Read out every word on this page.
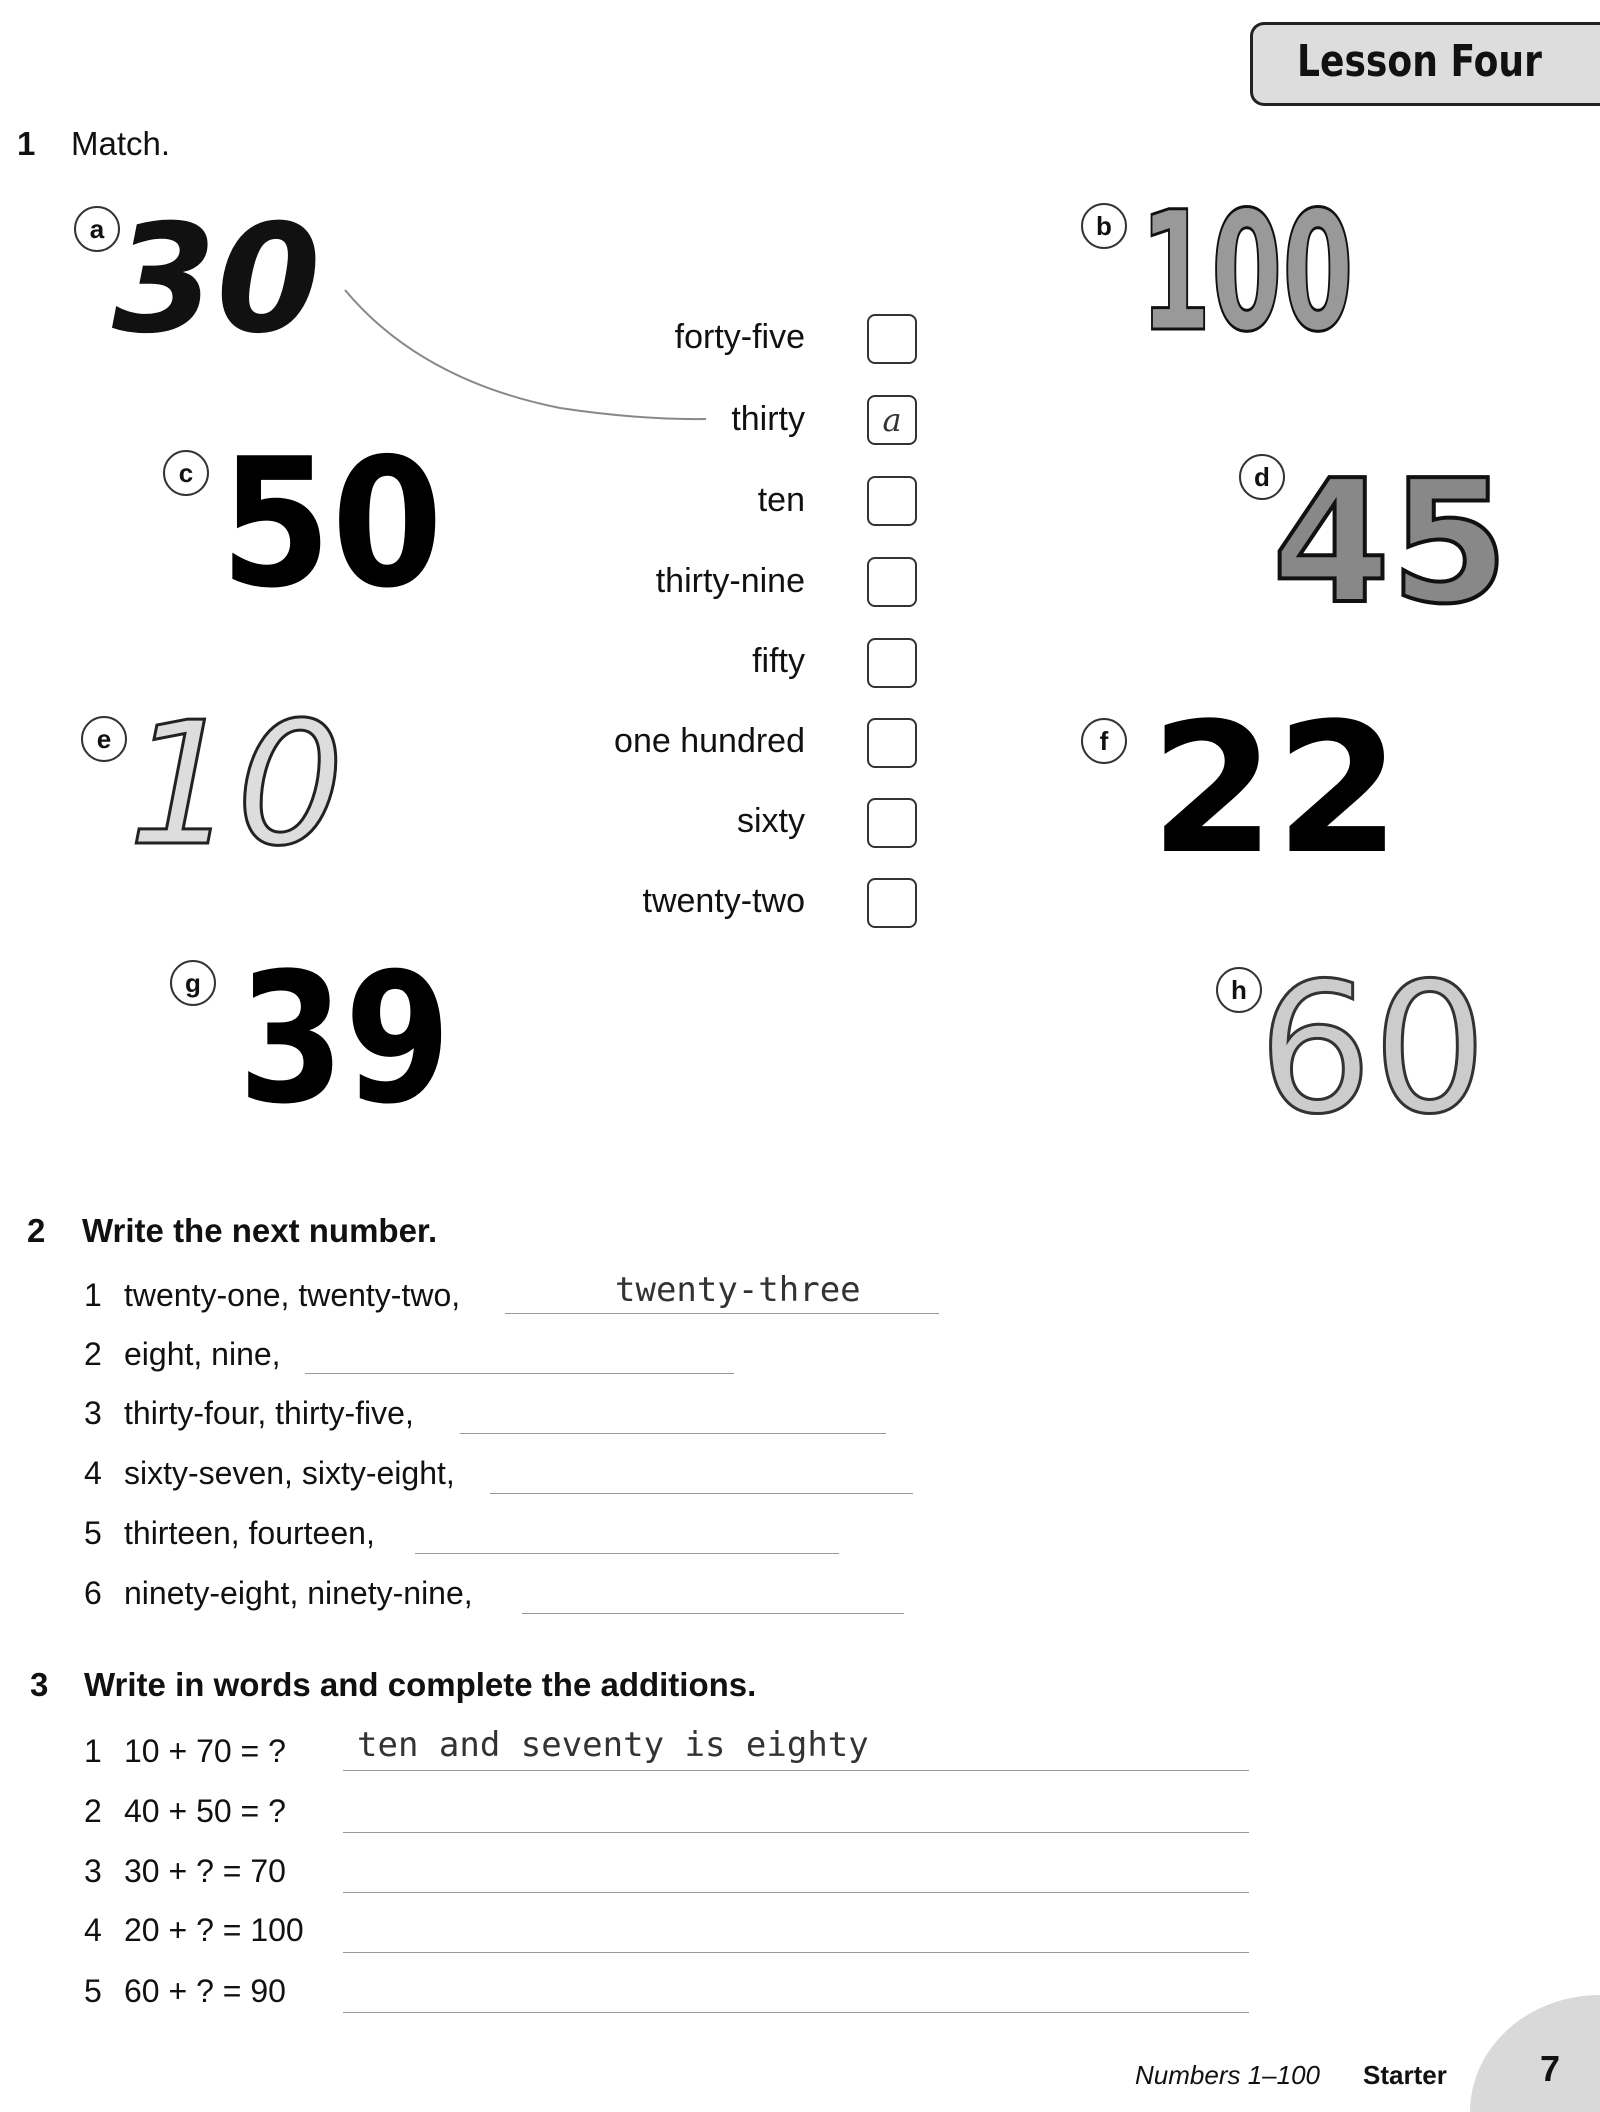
Lesson Four
1 Match.
a 30	b 100
c 50	d 45
e 10	f 22
g 39	h 60
forty-five
thirty	a
ten
thirty-nine
fifty
one hundred
sixty
twenty-two
2 Write the next number.
1 twenty-one, twenty-two,	twenty-three
2 eight, nine,
3 thirty-four, thirty-five,
4 sixty-seven, sixty-eight,
5 thirteen, fourteen,
6 ninety-eight, ninety-nine,
3 Write in words and complete the additions.
1 10 + 70 = ? ten and seventy is eighty
2 40 + 50 = ?
3 30 + ? = 70
4 20 + ? = 100
5 60 + ? = 90
Numbers 1–100 Starter	7
